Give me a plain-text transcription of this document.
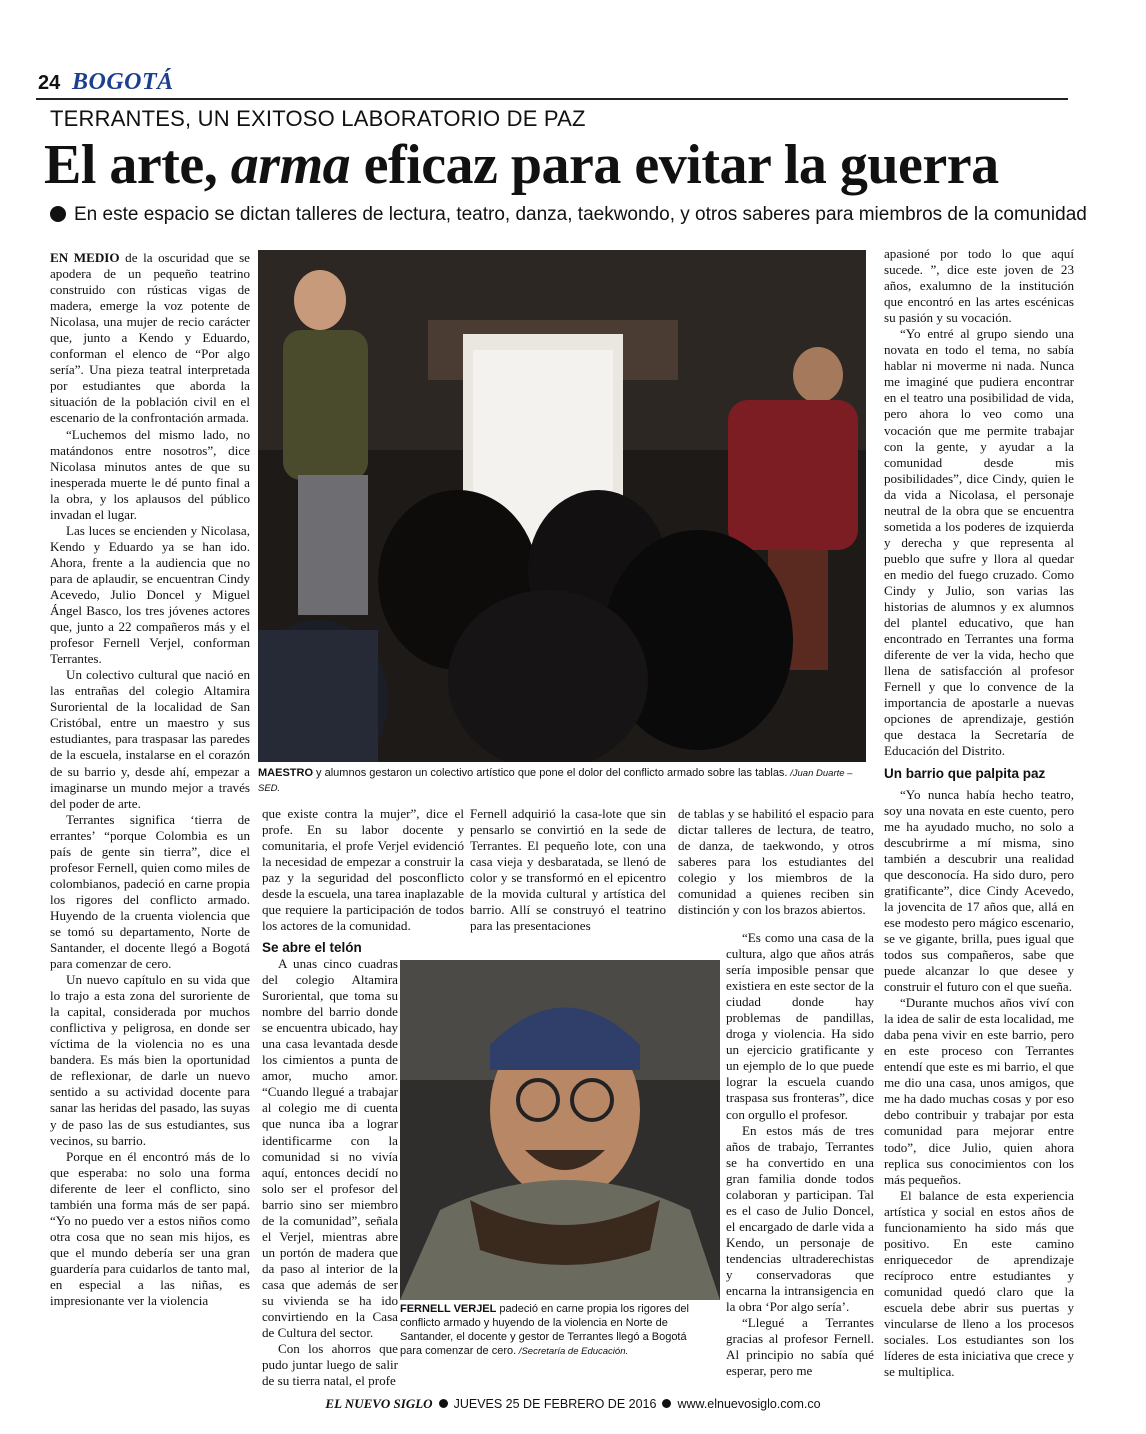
24 BOGOTÁ
TERRANTES, UN EXITOSO LABORATORIO DE PAZ
El arte, arma eficaz para evitar la guerra
En este espacio se dictan talleres de lectura, teatro, danza, taekwondo, y otros saberes para miembros de la comunidad

EN MEDIO de la oscuridad que se apodera de un pequeño teatrino construido con rústicas vigas de madera, emerge la voz potente de Nicolasa, una mujer de recio carácter que, junto a Kendo y Eduardo, conforman el elenco de “Por algo sería”. Una pieza teatral interpretada por estudiantes que aborda la situación de la población civil en el escenario de la confrontación armada.

“Luchemos del mismo lado, no matándonos entre nosotros”, dice Nicolasa minutos antes de que su inesperada muerte le dé punto final a la obra, y los aplausos del público invadan el lugar.

Las luces se encienden y Nicolasa, Kendo y Eduardo ya se han ido. Ahora, frente a la audiencia que no para de aplaudir, se encuentran Cindy Acevedo, Julio Doncel y Miguel Ángel Basco, los tres jóvenes actores que, junto a 22 compañeros más y el profesor Fernell Verjel, conforman Terrantes.

Un colectivo cultural que nació en las entrañas del colegio Altamira Suroriental de la localidad de San Cristóbal, entre un maestro y sus estudiantes, para traspasar las paredes de la escuela, instalarse en el corazón de su barrio y, desde ahí, empezar a imaginarse un mundo mejor a través del poder de arte.

Terrantes significa ‘tierra de errantes’ “porque Colombia es un país de gente sin tierra”, dice el profesor Fernell, quien como miles de colombianos, padeció en carne propia los rigores del conflicto armado. Huyendo de la cruenta violencia que se tomó su departamento, Norte de Santander, el docente llegó a Bogotá para comenzar de cero.

Un nuevo capítulo en su vida que lo trajo a esta zona del suroriente de la capital, considerada por muchos conflictiva y peligrosa, en donde ser víctima de la violencia no es una bandera. Es más bien la oportunidad de reflexionar, de darle un nuevo sentido a su actividad docente para sanar las heridas del pasado, las suyas y de paso las de sus estudiantes, sus vecinos, su barrio.

Porque en él encontró más de lo que esperaba: no solo una forma diferente de leer el conflicto, sino también una forma más de ser papá. “Yo no puedo ver a estos niños como otra cosa que no sean mis hijos, es que el mundo debería ser una gran guardería para cuidarlos de tanto mal, en especial a las niñas, es impresionante ver la violencia

MAESTRO y alumnos gestaron un colectivo artístico que pone el dolor del conflicto armado sobre las tablas. /Juan Duarte – SED.

que existe contra la mujer”, dice el profe. En su labor docente y comunitaria, el profe Verjel evidenció la necesidad de empezar a construir la paz y la seguridad del posconflicto desde la escuela, una tarea inaplazable que requiere la participación de todos los actores de la comunidad.

Se abre el telón

A unas cinco cuadras del colegio Altamira Suroriental, que toma su nombre del barrio donde se encuentra ubicado, hay una casa levantada desde los cimientos a punta de amor, mucho amor. “Cuando llegué a trabajar al colegio me di cuenta que nunca iba a lograr identificarme con la comunidad si no vivía aquí, entonces decidí no solo ser el profesor del barrio sino ser miembro de la comunidad”, señala el Verjel, mientras abre un portón de madera que da paso al interior de la casa que además de ser su vivienda se ha ido convirtiendo en la Casa de Cultura del sector.

Con los ahorros que pudo juntar luego de salir de su tierra natal, el profe

Fernell adquirió la casa-lote que sin pensarlo se convirtió en la sede de Terrantes. El pequeño lote, con una casa vieja y desbaratada, se llenó de color y se transformó en el epicentro de la movida cultural y artística del barrio. Allí se construyó el teatrino para las presentaciones

FERNELL VERJEL padeció en carne propia los rigores del conflicto armado y huyendo de la violencia en Norte de Santander, el docente y gestor de Terrantes llegó a Bogotá para comenzar de cero. /Secretaría de Educación.

de tablas y se habilitó el espacio para dictar talleres de lectura, de teatro, de danza, de taekwondo, y otros saberes para los estudiantes del colegio y los miembros de la comunidad a quienes reciben sin distinción y con los brazos abiertos.

“Es como una casa de la cultura, algo que años atrás sería imposible pensar que existiera en este sector de la ciudad donde hay problemas de pandillas, droga y violencia. Ha sido un ejercicio gratificante y un ejemplo de lo que puede lograr la escuela cuando traspasa sus fronteras”, dice con orgullo el profesor.

En estos más de tres años de trabajo, Terrantes se ha convertido en una gran familia donde todos colaboran y participan. Tal es el caso de Julio Doncel, el encargado de darle vida a Kendo, un personaje de tendencias ultraderechistas y conservadoras que encarna la intransigencia en la obra ‘Por algo sería’.

“Llegué a Terrantes gracias al profesor Fernell. Al principio no sabía qué esperar, pero me

apasioné por todo lo que aquí sucede. ”, dice este joven de 23 años, exalumno de la institución que encontró en las artes escénicas su pasión y su vocación.

“Yo entré al grupo siendo una novata en todo el tema, no sabía hablar ni moverme ni nada. Nunca me imaginé que pudiera encontrar en el teatro una posibilidad de vida, pero ahora lo veo como una vocación que me permite trabajar con la gente, y ayudar a la comunidad desde mis posibilidades”, dice Cindy, quien le da vida a Nicolasa, el personaje neutral de la obra que se encuentra sometida a los poderes de izquierda y derecha y que representa al pueblo que sufre y llora al quedar en medio del fuego cruzado. Como Cindy y Julio, son varias las historias de alumnos y ex alumnos del plantel educativo, que han encontrado en Terrantes una forma diferente de ver la vida, hecho que llena de satisfacción al profesor Fernell y que lo convence de la importancia de apostarle a nuevas opciones de aprendizaje, gestión que destaca la Secretaría de Educación del Distrito.

Un barrio que palpita paz

“Yo nunca había hecho teatro, soy una novata en este cuento, pero me ha ayudado mucho, no solo a descubrirme a mí misma, sino también a descubrir una realidad que desconocía. Ha sido duro, pero gratificante”, dice Cindy Acevedo, la jovencita de 17 años que, allá en ese modesto pero mágico escenario, se ve gigante, brilla, pues igual que todos sus compañeros, sabe que puede alcanzar lo que desee y construir el futuro con el que sueña.

“Durante muchos años viví con la idea de salir de esta localidad, me daba pena vivir en este barrio, pero en este proceso con Terrantes entendí que este es mi barrio, el que me dio una casa, unos amigos, que me ha dado muchas cosas y por eso debo contribuir y trabajar por esta comunidad para mejorar entre todo”, dice Julio, quien ahora replica sus conocimientos con los más pequeños.

El balance de esta experiencia artística y social en estos años de funcionamiento ha sido más que positivo. En este camino enriquecedor de aprendizaje recíproco entre estudiantes y comunidad quedó claro que la escuela debe abrir sus puertas y vincularse de lleno a los procesos sociales. Los estudiantes son los líderes de esta iniciativa que crece y se multiplica.

EL NUEVO SIGLO JUEVES 25 DE FEBRERO DE 2016 www.elnuevosiglo.com.co
